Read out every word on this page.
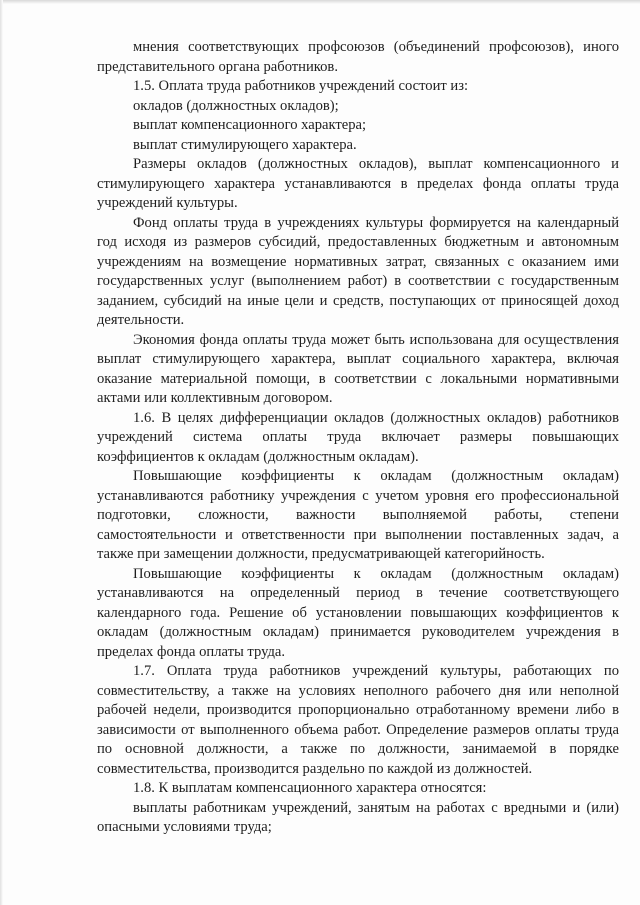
мнения соответствующих профсоюзов (объединений профсоюзов), иного представительного органа работников.

1.5. Оплата труда работников учреждений состоит из:

окладов (должностных окладов);

выплат компенсационного характера;

выплат стимулирующего характера.

Размеры окладов (должностных окладов), выплат компенсационного и стимулирующего характера устанавливаются в пределах фонда оплаты труда учреждений культуры.

Фонд оплаты труда в учреждениях культуры формируется на календарный год исходя из размеров субсидий, предоставленных бюджетным и автономным учреждениям на возмещение нормативных затрат, связанных с оказанием ими государственных услуг (выполнением работ) в соответствии с государственным заданием, субсидий на иные цели и средств, поступающих от приносящей доход деятельности.

Экономия фонда оплаты труда может быть использована для осуществления выплат стимулирующего характера, выплат социального характера, включая оказание материальной помощи, в соответствии с локальными нормативными актами или коллективным договором.

1.6. В целях дифференциации окладов (должностных окладов) работников учреждений система оплаты труда включает размеры повышающих коэффициентов к окладам (должностным окладам).

Повышающие коэффициенты к окладам (должностным окладам) устанавливаются работнику учреждения с учетом уровня его профессиональной подготовки, сложности, важности выполняемой работы, степени самостоятельности и ответственности при выполнении поставленных задач, а также при замещении должности, предусматривающей категорийность.

Повышающие коэффициенты к окладам (должностным окладам) устанавливаются на определенный период в течение соответствующего календарного года. Решение об установлении повышающих коэффициентов к окладам (должностным окладам) принимается руководителем учреждения в пределах фонда оплаты труда.

1.7. Оплата труда работников учреждений культуры, работающих по совместительству, а также на условиях неполного рабочего дня или неполной рабочей недели, производится пропорционально отработанному времени либо в зависимости от выполненного объема работ. Определение размеров оплаты труда по основной должности, а также по должности, занимаемой в порядке совместительства, производится раздельно по каждой из должностей.

1.8. К выплатам компенсационного характера относятся:

выплаты работникам учреждений, занятым на работах с вредными и (или) опасными условиями труда;
